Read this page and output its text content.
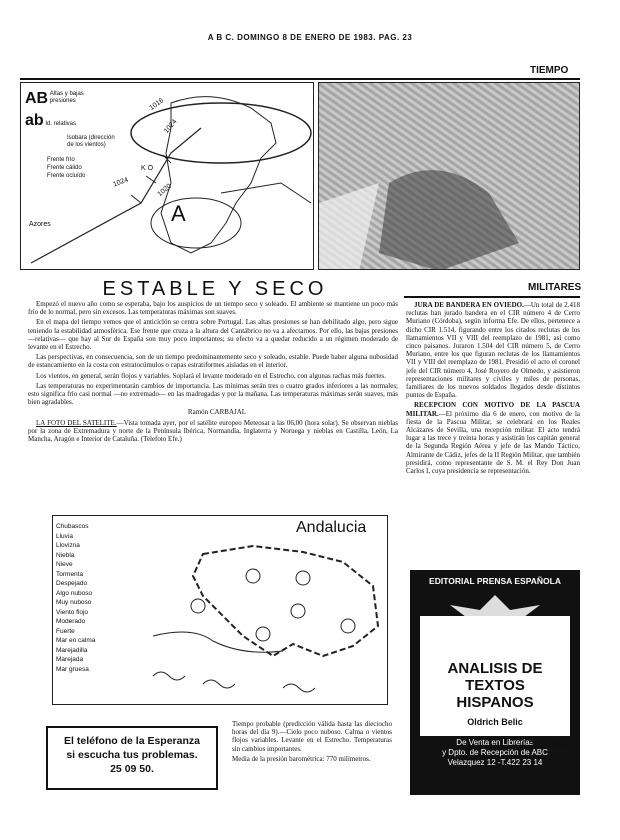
A B C. DOMINGO 8 DE ENERO DE 1983. PAG. 23
TIEMPO
AB Altas y bajas presiones
ab Id. relativas
Isobara (dirección de los vientos)
Frente frío
Frente cálido
Frente ocluído
1016
1024
1024
1020
K O
A
Azores
ESTABLE Y SECO

Empezó el nuevo año como se esperaba, bajo los auspicios de un tiempo seco y soleado. El ambiente se mantiene un poco más frío de lo normal, pero sin excesos. Las temperaturas máximas son suaves.

En el mapa del tiempo vemos que el anticiclón se centra sobre Portugal. Las altas presiones se han debilitado algo, pero sigue teniendo la estabilidad atmosférica. Ese frente que cruza a la altura del Cantábrico no va a afectarnos. Por ello, las bajas presiones —relativas— que hay al Sur de España son muy poco importantes; su efecto va a quedar reducido a un régimen moderado de levante en el Estrecho.

Las perspectivas, en consecuencia, son de un tiempo predominantemente seco y soleado, estable. Puede haber alguna nubosidad de estancamiento en la costa con estratocúmulos o capas estratiformes aisladas en el interior.

Los vientos, en general, serán flojos y variables. Soplará el levante moderado en el Estrecho, con algunas rachas más fuertes.

Las temperaturas no experimentarán cambios de importancia. Las mínimas serán tres o cuatro grados inferiores a las normales; esto significa frío casi normal —no extremado— en las madrugadas y por la mañana. Las temperaturas máximas serán suaves, más bien agradables.

Ramón CARBAJAL

LA FOTO DEL SATELITE.—Vista tomada ayer, por el satélite europeo Meteosat a las 06,00 (hora solar). Se observan nieblas por la zona de Extremadura y norte de la Península Ibérica, Normandía, Inglaterra y Noruega y nieblas en Castilla, León, La Mancha, Aragón e Interior de Cataluña. (Telefoto Efe.)

Andalucia
Chubascos
Lluvia
Llovizna
Niebla
Nieve
Tormenta
Despejado
Algo nuboso
Muy nuboso
Viento flojo
Moderado
Fuerte
Mar en calma
Marejadilla
Marejada
Mar gruesa
El teléfono de la Esperanza
si escucha tus problemas.
25 09 50.

Tiempo probable (predicción válida hasta las dieciocho horas del día 9).—Cielo poco nuboso. Calma o vientos flojos variables. Levante en el Estrecho. Temperaturas sin cambios importantes.

Media de la presión barométrica: 770 milímetros.

MILITARES

JURA DE BANDERA EN OVIEDO.—Un total de 2.418 reclutas han jurado bandera en el CIR número 4 de Cerro Muriano (Córdoba), según informa Efe. De ellos, pertenece a dicho CIR 1.514, figurando entre los citados reclutas de los llamamientos VII y VIII del reemplazo de 1981, así como cinco paisanos. Juraron 1.504 del CIR número 5, de Cerro Muriano, entre los que figuran reclutas de los llamamientos VII y VIII del reemplazo de 1981. Presidió el acto el coronel jefe del CIR número 4, José Royero de Olmedo, y asistieron representaciones militares y civiles y miles de personas, familiares de los nuevos soldados llegados desde distintos puntos de España.

RECEPCION CON MOTIVO DE LA PASCUA MILITAR.—El próximo día 6 de enero, con motivo de la fiesta de la Pascua Militar, se celebrará en los Reales Alcázares de Sevilla, una recepción militar. El acto tendrá lugar a las trece y treinta horas y asistirán los capitán general de la Segunda Región Aérea y jefe de las Mando Táctico, Almirante de Cádiz, jefes de la II Región Militar, que también presidirá, como representante de S. M. el Rey Don Juan Carlos I, cuya presidencia se representación.

EDITORIAL PRENSA ESPAÑOLA
De Venta en Librerías
y Dpto. de Recepción de ABC
Velazquez 12 -T.422 23 14
ANALISIS DE TEXTOS
HISPANOS
Oldrich Belic
300 Ptas
